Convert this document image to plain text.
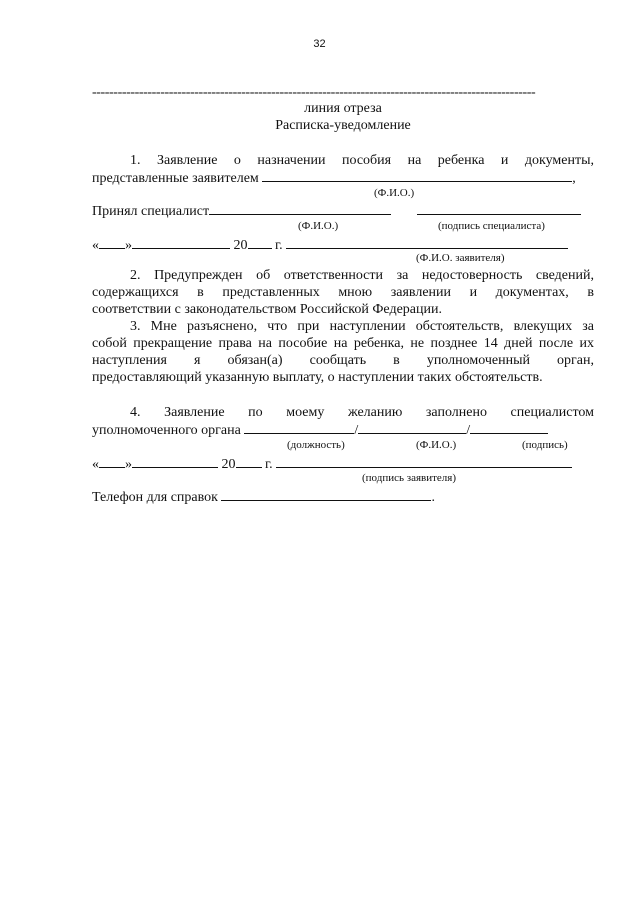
32
--------------------------------------------------------------------------------------------------------
линия отреза
Расписка-уведомление
1. Заявление о назначении пособия на ребенка и документы,
представленные заявителем	,
(Ф.И.О.)
Принял специалист
(Ф.И.О.)	(подпись специалиста)
« »	20 г.
(Ф.И.О. заявителя)
2. Предупрежден об ответственности за недостоверность сведений,
содержащихся в представленных мною заявлении и документах, в
соответствии с законодательством Российской Федерации.
3. Мне разъяснено, что при наступлении обстоятельств, влекущих за
собой прекращение права на пособие на ребенка, не позднее 14 дней после их
наступления я обязан(а) сообщать в уполномоченный орган,
предоставляющий указанную выплату, о наступлении таких обстоятельств.
4. Заявление по моему желанию заполнено специалистом
уполномоченного органа	/	/
(должность)	(Ф.И.О.)	(подпись)
« »	20 г.
(подпись заявителя)
Телефон для справок	.
